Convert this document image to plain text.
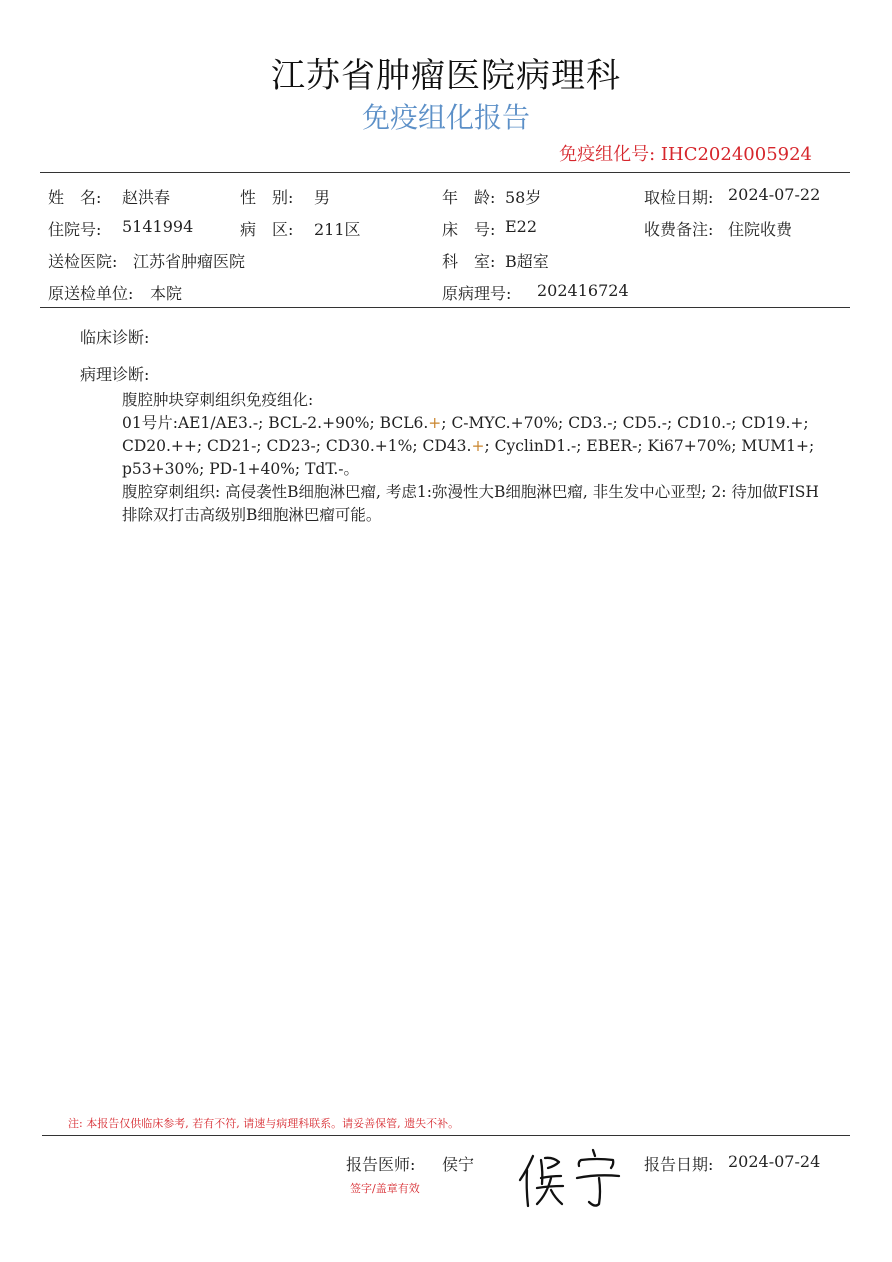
江苏省肿瘤医院病理科
免疫组化报告
免疫组化号: IHC2024005924
姓　名: 赵洪春	性　别: 男	年　龄: 58岁	取检日期: 2024-07-22
住院号: 5141994	病　区: 211区	床　号: E22	收费备注: 住院收费
送检医院: 江苏省肿瘤医院	科　室: B超室
原送检单位: 本院	原病理号: 202416724
临床诊断:
病理诊断:

腹腔肿块穿刺组织免疫组化:

01号片:AE1/AE3.-; BCL-2.+90%; BCL6.+; C-MYC.+70%; CD3.-; CD5.-; CD10.-; CD19.+; CD20.++; CD21-; CD23-; CD30.+1%; CD43.+; CyclinD1.-; EBER-; Ki67+70%; MUM1+; p53+30%; PD-1+40%; TdT.-。

腹腔穿刺组织: 高侵袭性B细胞淋巴瘤, 考虑1:弥漫性大B细胞淋巴瘤, 非生发中心亚型; 2: 待加做FISH排除双打击高级别B细胞淋巴瘤可能。

注: 本报告仅供临床参考, 若有不符, 请速与病理科联系。请妥善保管, 遗失不补。
报告医师: 侯宁
签字/盖章有效
报告日期: 2024-07-24
